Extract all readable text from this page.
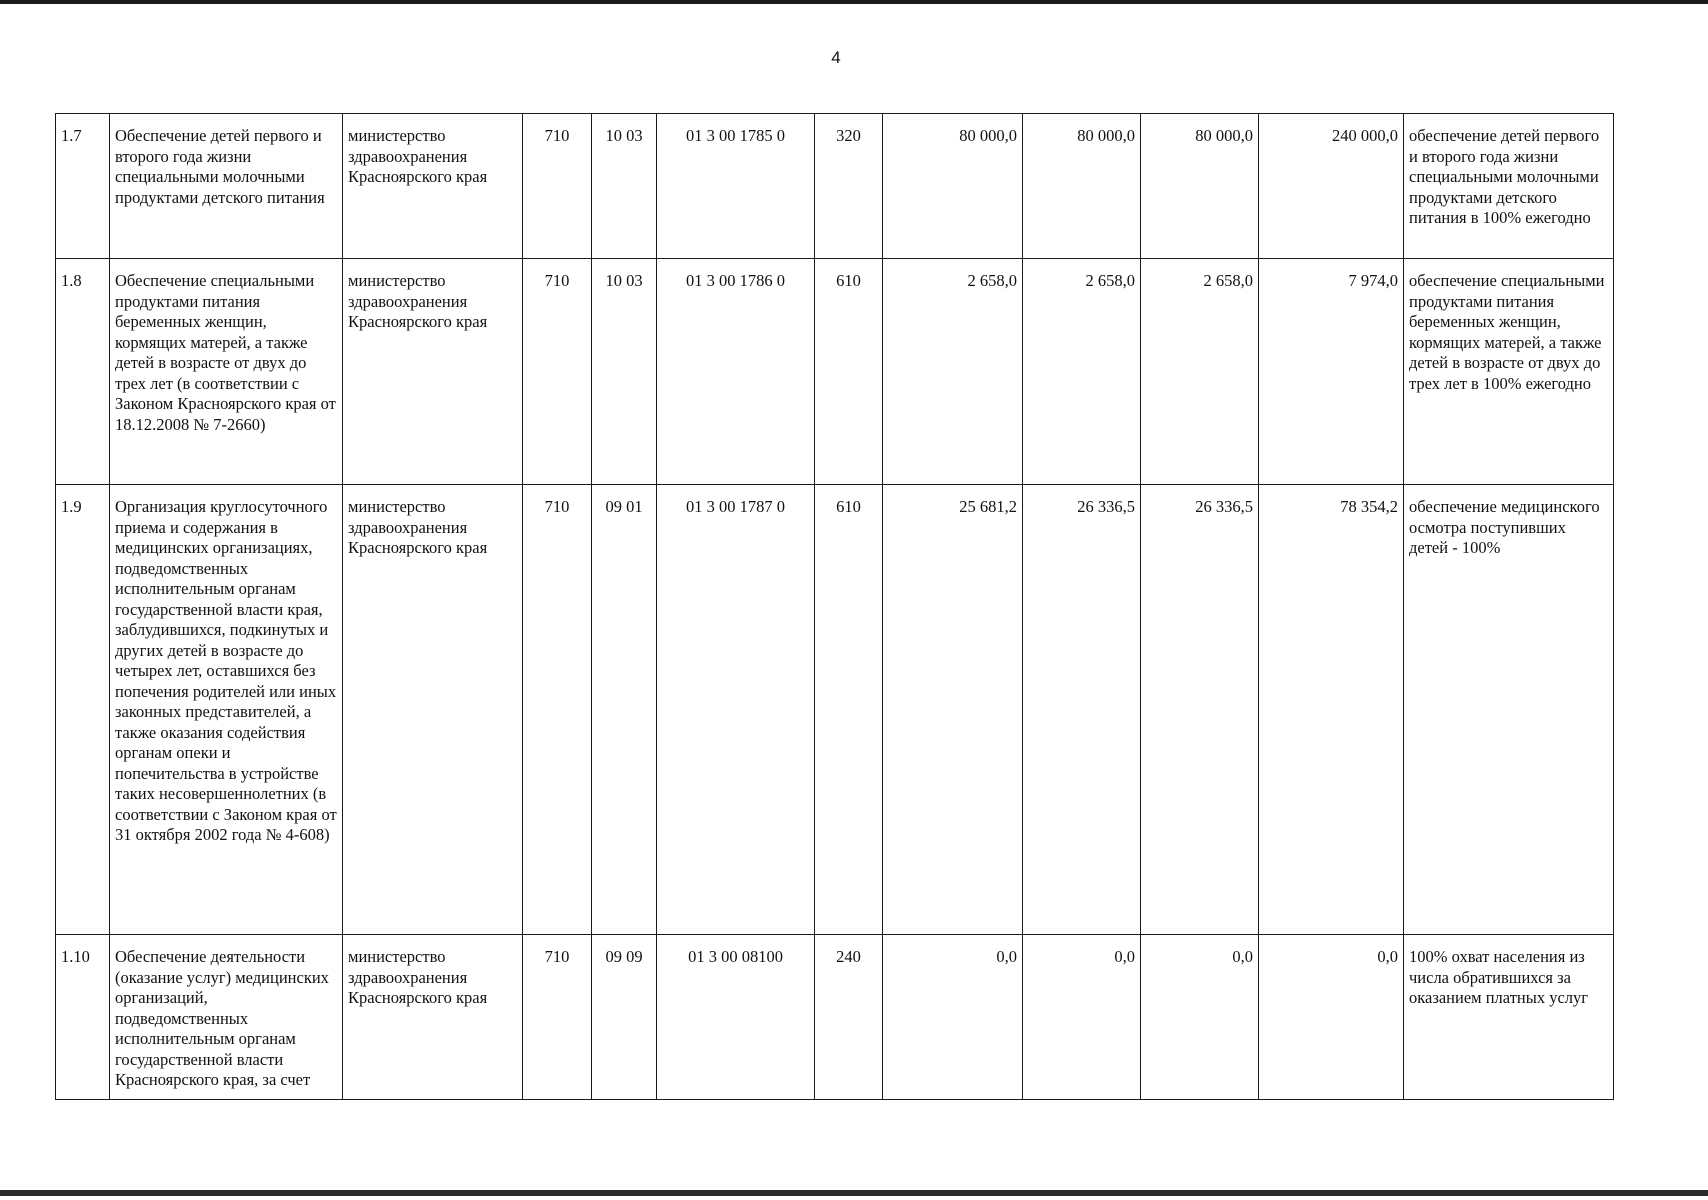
4
1.7	Обеспечение детей первого и второго года жизни специальными молочными продуктами детского питания	министерство здравоохранения Красноярского края	710	10 03	01 3 00 1785 0	320	80 000,0	80 000,0	80 000,0	240 000,0	обеспечение детей первого и второго года жизни специальными молочными продуктами детского питания в 100% ежегодно
1.8	Обеспечение специальными продуктами питания беременных женщин, кормящих матерей, а также детей в возрасте от двух до трех лет (в соответствии с Законом Красноярского края от 18.12.2008 № 7-2660)	министерство здравоохранения Красноярского края	710	10 03	01 3 00 1786 0	610	2 658,0	2 658,0	2 658,0	7 974,0	обеспечение специальными продуктами питания беременных женщин, кормящих матерей, а также детей в возрасте от двух до трех лет в 100% ежегодно
1.9	Организация круглосуточного приема и содержания в медицинских организациях, подведомственных исполнительным органам государственной власти края, заблудившихся, подкинутых и других детей в возрасте до четырех лет, оставшихся без попечения родителей или иных законных представителей, а также оказания содействия органам опеки и попечительства в устройстве таких несовершеннолетних (в соответствии с Законом края от 31 октября 2002 года № 4-608)	министерство здравоохранения Красноярского края	710	09 01	01 3 00 1787 0	610	25 681,2	26 336,5	26 336,5	78 354,2	обеспечение медицинского осмотра поступивших детей - 100%
1.10	Обеспечение деятельности (оказание услуг) медицинских организаций, подведомственных исполнительным органам государственной власти Красноярского края, за счет	министерство здравоохранения Красноярского края	710	09 09	01 3 00 08100	240	0,0	0,0	0,0	0,0	100% охват населения из числа обратившихся за оказанием платных услуг
